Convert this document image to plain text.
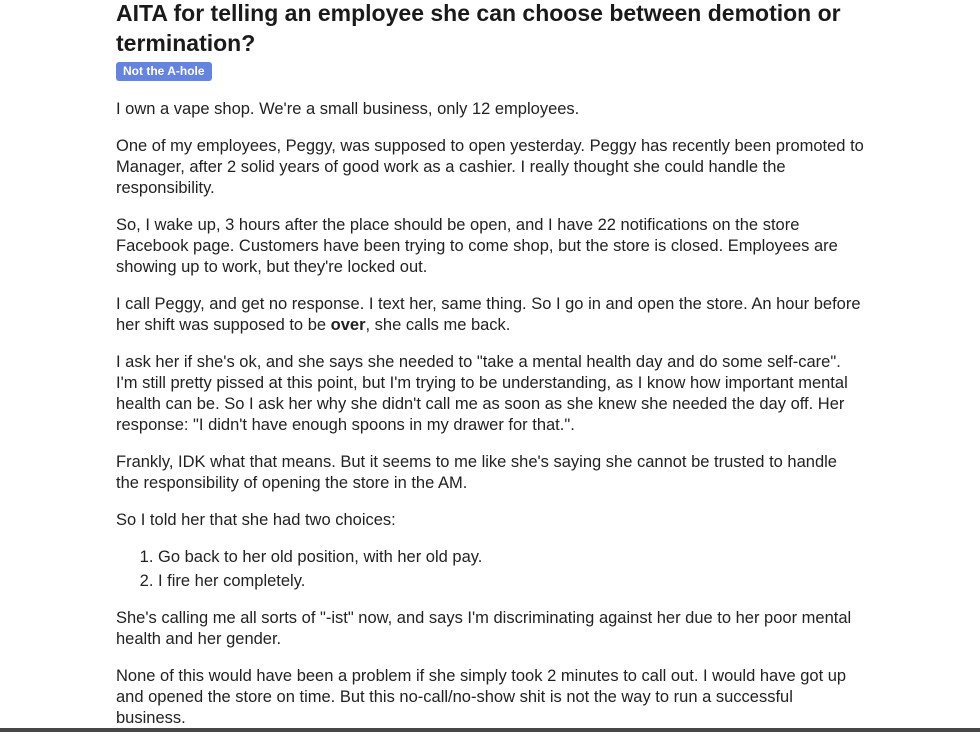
AITA for telling an employee she can choose between demotion or termination?
Not the A-hole

I own a vape shop. We're a small business, only 12 employees.

One of my employees, Peggy, was supposed to open yesterday. Peggy has recently been promoted to Manager, after 2 solid years of good work as a cashier. I really thought she could handle the responsibility.

So, I wake up, 3 hours after the place should be open, and I have 22 notifications on the store Facebook page. Customers have been trying to come shop, but the store is closed. Employees are showing up to work, but they're locked out.

I call Peggy, and get no response. I text her, same thing. So I go in and open the store. An hour before her shift was supposed to be over, she calls me back.

I ask her if she's ok, and she says she needed to "take a mental health day and do some self-care". I'm still pretty pissed at this point, but I'm trying to be understanding, as I know how important mental health can be. So I ask her why she didn't call me as soon as she knew she needed the day off. Her response: "I didn't have enough spoons in my drawer for that.".

Frankly, IDK what that means. But it seems to me like she's saying she cannot be trusted to handle the responsibility of opening the store in the AM.

So I told her that she had two choices:

1. Go back to her old position, with her old pay.
2. I fire her completely.

She's calling me all sorts of "-ist" now, and says I'm discriminating against her due to her poor mental health and her gender.

None of this would have been a problem if she simply took 2 minutes to call out. I would have got up and opened the store on time. But this no-call/no-show shit is not the way to run a successful business.
